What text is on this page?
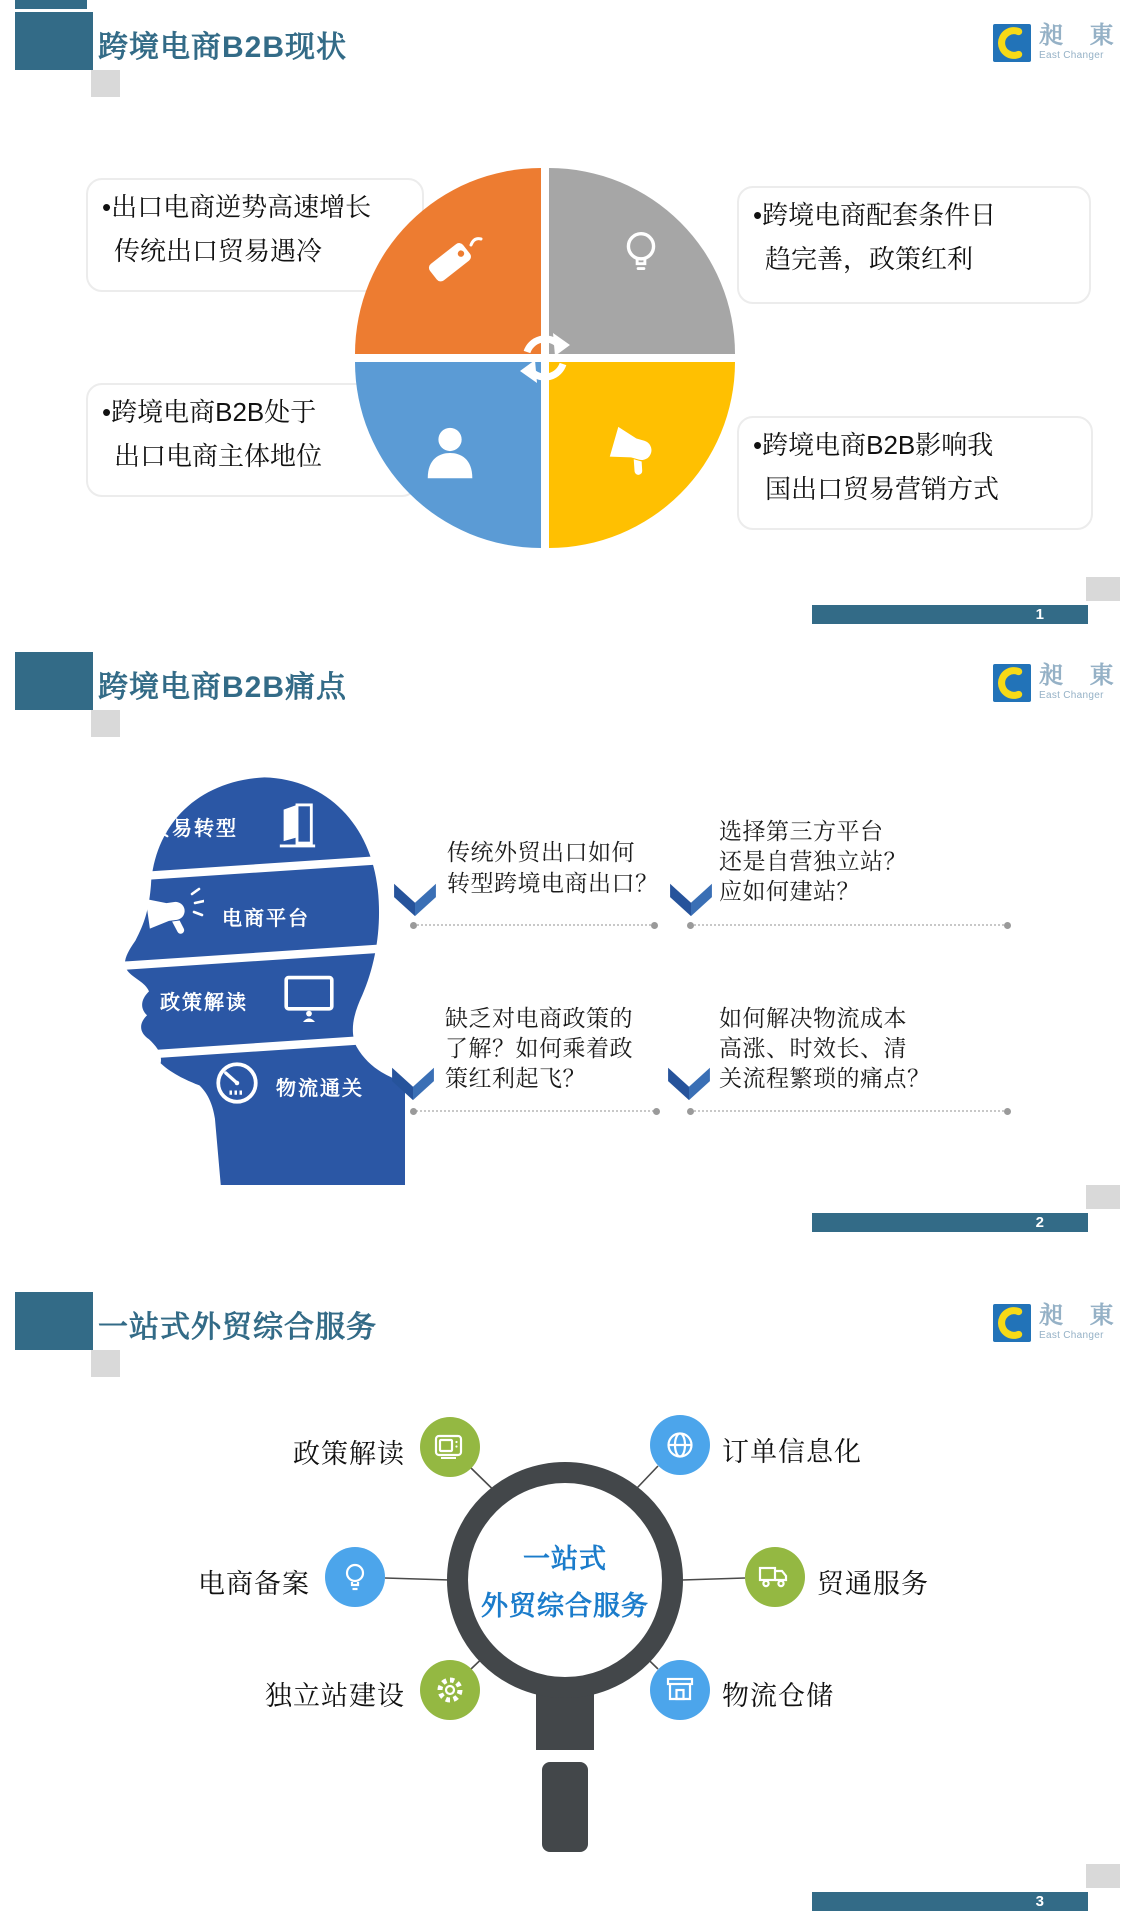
跨境电商B2B现状	昶 東
East Changer
•出口电商逆势高速增长
传统出口贸易遇冷
•跨境电商配套条件日
趋完善，政策红利
•跨境电商B2B处于
出口电商主体地位	•跨境电商B2B影响我
国出口贸易营销方式
1
跨境电商B2B痛点	昶 東
East Changer
贸易转型
电商平台
政策解读
物流通关
传统外贸出口如何
转型跨境电商出口？
选择第三方平台
还是自营独立站？
应如何建站？
缺乏对电商政策的
了解？如何乘着政
策红利起飞？
如何解决物流成本
高涨、时效长、清
关流程繁琐的痛点？
2
一站式外贸综合服务	昶 東
East Changer
一站式
外贸综合服务
政策解读	订单信息化
电商备案	贸通服务
独立站建设	物流仓储
3
